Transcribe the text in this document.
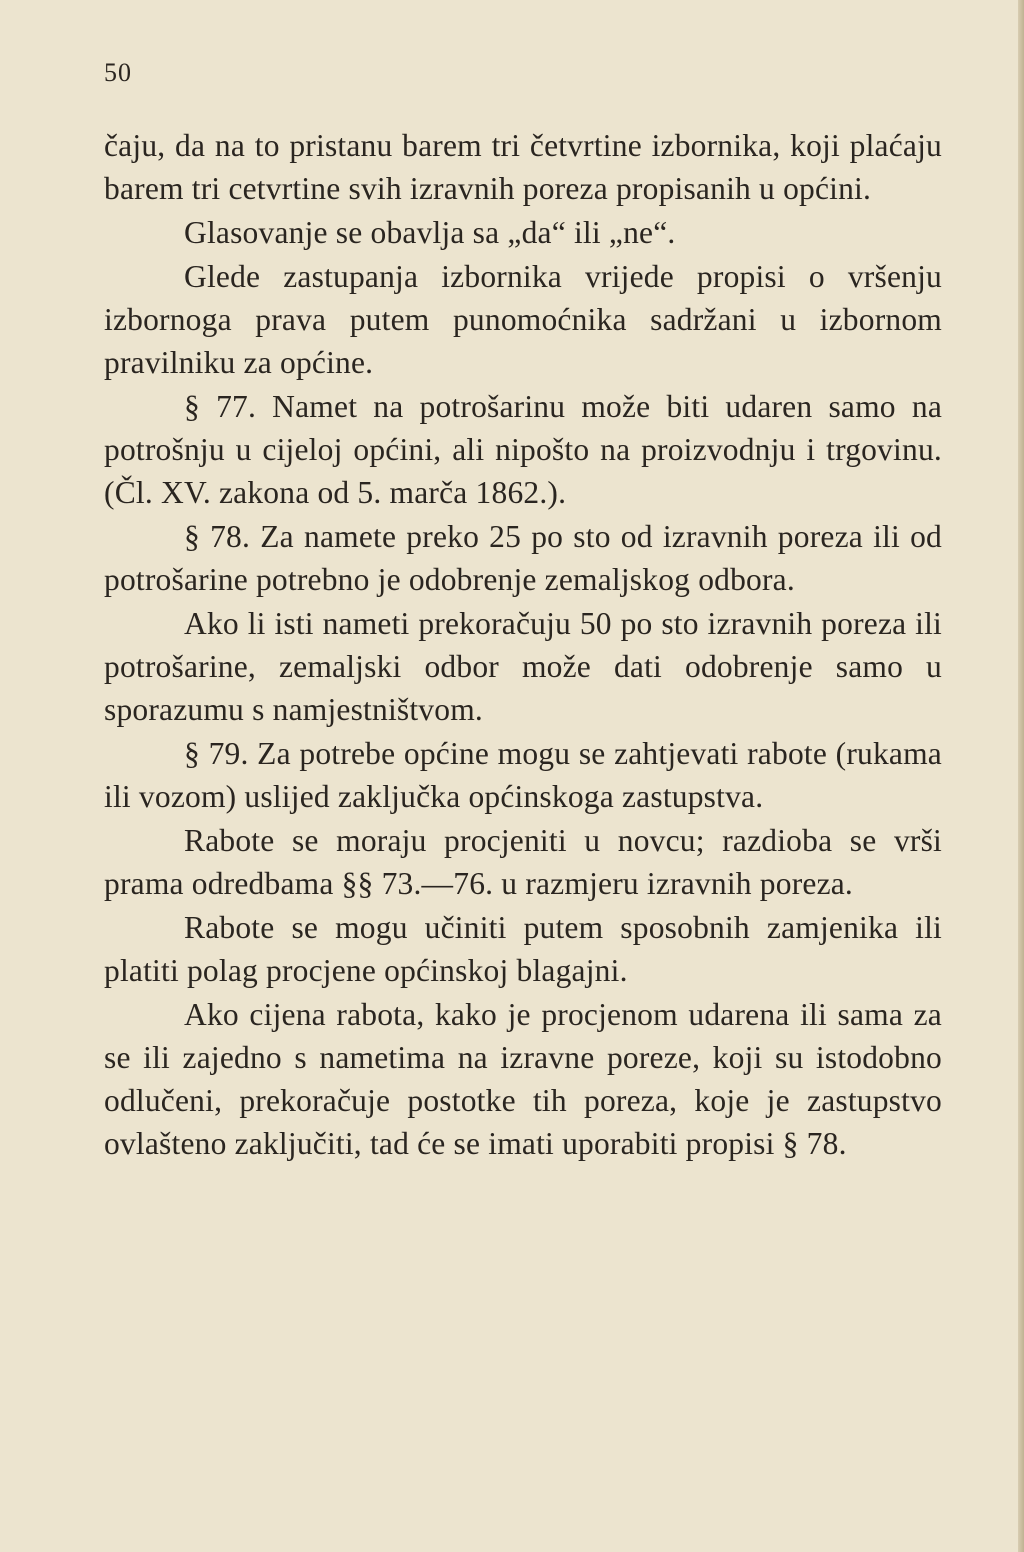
50

čaju, da na to pristanu barem tri četvrtine izbornika, koji plaćaju barem tri cetvrtine svih izravnih poreza propisanih u općini.

Glasovanje se obavlja sa „da“ ili „ne“.

Glede zastupanja izbornika vrijede propisi o vršenju izbornoga prava putem punomoćnika sadržani u izbornom pravilniku za općine.

§ 77. Namet na potrošarinu može biti udaren samo na potrošnju u cijeloj općini, ali nipošto na proizvodnju i trgovinu. (Čl. XV. zakona od 5. marča 1862.).

§ 78. Za namete preko 25 po sto od izravnih poreza ili od potrošarine potrebno je odobrenje zemaljskog odbora.

Ako li isti nameti prekoračuju 50 po sto izravnih poreza ili potrošarine, zemaljski odbor može dati odobrenje samo u sporazumu s namjestništvom.

§ 79. Za potrebe općine mogu se zahtjevati rabote (rukama ili vozom) uslijed zaključka općinskoga zastupstva.

Rabote se moraju procjeniti u novcu; razdioba se vrši prama odredbama §§ 73.—76. u razmjeru izravnih poreza.

Rabote se mogu učiniti putem sposobnih zamjenika ili platiti polag procjene općinskoj blagajni.

Ako cijena rabota, kako je procjenom udarena ili sama za se ili zajedno s nametima na izravne poreze, koji su istodobno odlučeni, prekoračuje postotke tih poreza, koje je zastupstvo ovlašteno zaključiti, tad će se imati uporabiti propisi § 78.
